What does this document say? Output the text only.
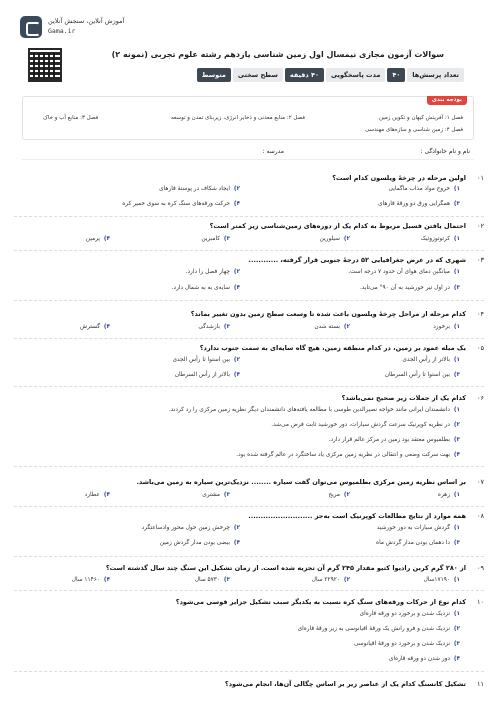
آموزش آنلاین، سنجش آنلاین
Gama.ir
سوالات آزمون مجازی نیمسال اول زمین شناسی یازدهم رشته علوم تجربی (نمونه ۲)
تعداد پرسش‌ها
۴۰
مدت پاسخگویی
۴۰ دقیقه
سطح سختی
متوسط
بودجه بندی
فصل ۱: آفرینش کیهان و تکوین زمین
فصل ۲: منابع معدنی و ذخایر انرژی، زیربنای تمدن و توسعه
فصل ۳: منابع آب و خاک
فصل ۴: زمین شناسی و سازه‌های مهندسی
نام و نام خانوادگی :
مدرسه :
۰۱
اولین مرحله در چرخهٔ ویلسون کدام است؟
۱)خروج مواد مذاب ماگمایی
۲)ایجاد شکاف در پوستهٔ قارهای
۳)همگرایی ورق دو ورقهٔ قارهای
۴)حرکت ورقه‌های سنگ کره به سوی خمیر کره
۰۲
احتمال یافتن فسیل مربوط به کدام یک از دوره‌های زمین‌شناسی زیر کمتر است؟
۱)کرتوتوزوئیک
۲)سیلورین
۳)کامبرین
۴)پرمین
۰۳
شهری که در عرض جغرافیایی ۵۲ درجهٔ جنوبی قرار گرفته، ............
۱)میانگین دمای هوای آن حدود ۷ درجه است.
۲)چهار فصل را دارد.
۳)در اول تیر خورشید به آن ۹۰° می‌تابد.
۴)سایه‌ی به به شمال دارد.
۰۴
کدام مرحله از مراحل چرخهٔ ویلسون باعث شده تا وسعت سطح زمین بدون تغییر بماند؟
۱)برخورد
۲)بسته شدن
۳)بازشدگی
۴)گسترش
۰۵
یک میله عمود بر زمین، در کدام منطقه زمین، هیچ گاه سایه‌ای به سمت جنوب ندارد؟
۱)بالاتر از رأس الجدی
۲)بین استوا تا رأس الجدی
۳)بین استوا تا رأس السرطان
۴)بالاتر از رأس السرطان
۰۶
کدام یک از جملات زیر صحیح نمی‌باشد؟
۱)دانشمندان ایرانی مانند خواجه نصیرالدین طوسی با مطالعه یافته‌های دانشمندان دیگر نظریه زمین مرکزی را رد کردند.
۲)در نظریه کوپرنیک سرعت گردش سیارات، دور خورشید ثابت فرض می‌شد.
۳)بطلمیوس معتقد بود زمین در مرکز عالم قرار دارد.
۴)بهت سرکت وضعی و انتقالی در نظریه زمین مرکزی یاد ساختگرد در عالم گرفته شده بود.
۰۷
بر اساس نظریه زمین مرکزی بطلمیوس می‌توان گفت سیاره ........ نزدیک‌ترین سیاره به زمین می‌باشد.
۱)زهره
۲)مریخ
۳)مشتری
۴)عطارد
۰۸
همه موارد از نتایج مطالعات کوپرنیک است به‌جز ..........................
۱)گردش سیارات به دور خورشید
۲)چرخش زمین حول محور وادساعتگرد
۳)دا دهمان بودن مدار گردش ماه
۴)بیضی بودن مدار گردش زمین
۰۹
از ۲۸۰ گرم کربن رادیوا کتیو مقدار ۲۴۵ گرم آن تجزیه شده است. از زمان تشکیل این سنگ چند سال گذشته است؟
۱)۱۷۱۹۰سال
۲)۲۲۹۲۰ سال
۳)۵۷۳۰ سال
۴)۱۱۴۶۰ سال
۱۰
کدام نوع از حرکات ورقه‌های سنگ کره نسبت به یکدیگر سبب تشکیل جزایر قوسی می‌شود؟
۱)نزدیک شدن و برخورد دو ورقه قاره‌ای
۲)نزدیک شدن و فرو رانش یک ورقهٔ اقیانوسی به زیر ورقهٔ قاره‌ای
۳)نزدیک شدن و برخورد دو ورقهٔ اقیانوسی
۴)دور شدن دو ورقه قاره‌ای
۱۱
تشکیل کانسنگ کدام یک از عناصر زیر بر اساس چگالی آن‌ها، انجام می‌شود؟
